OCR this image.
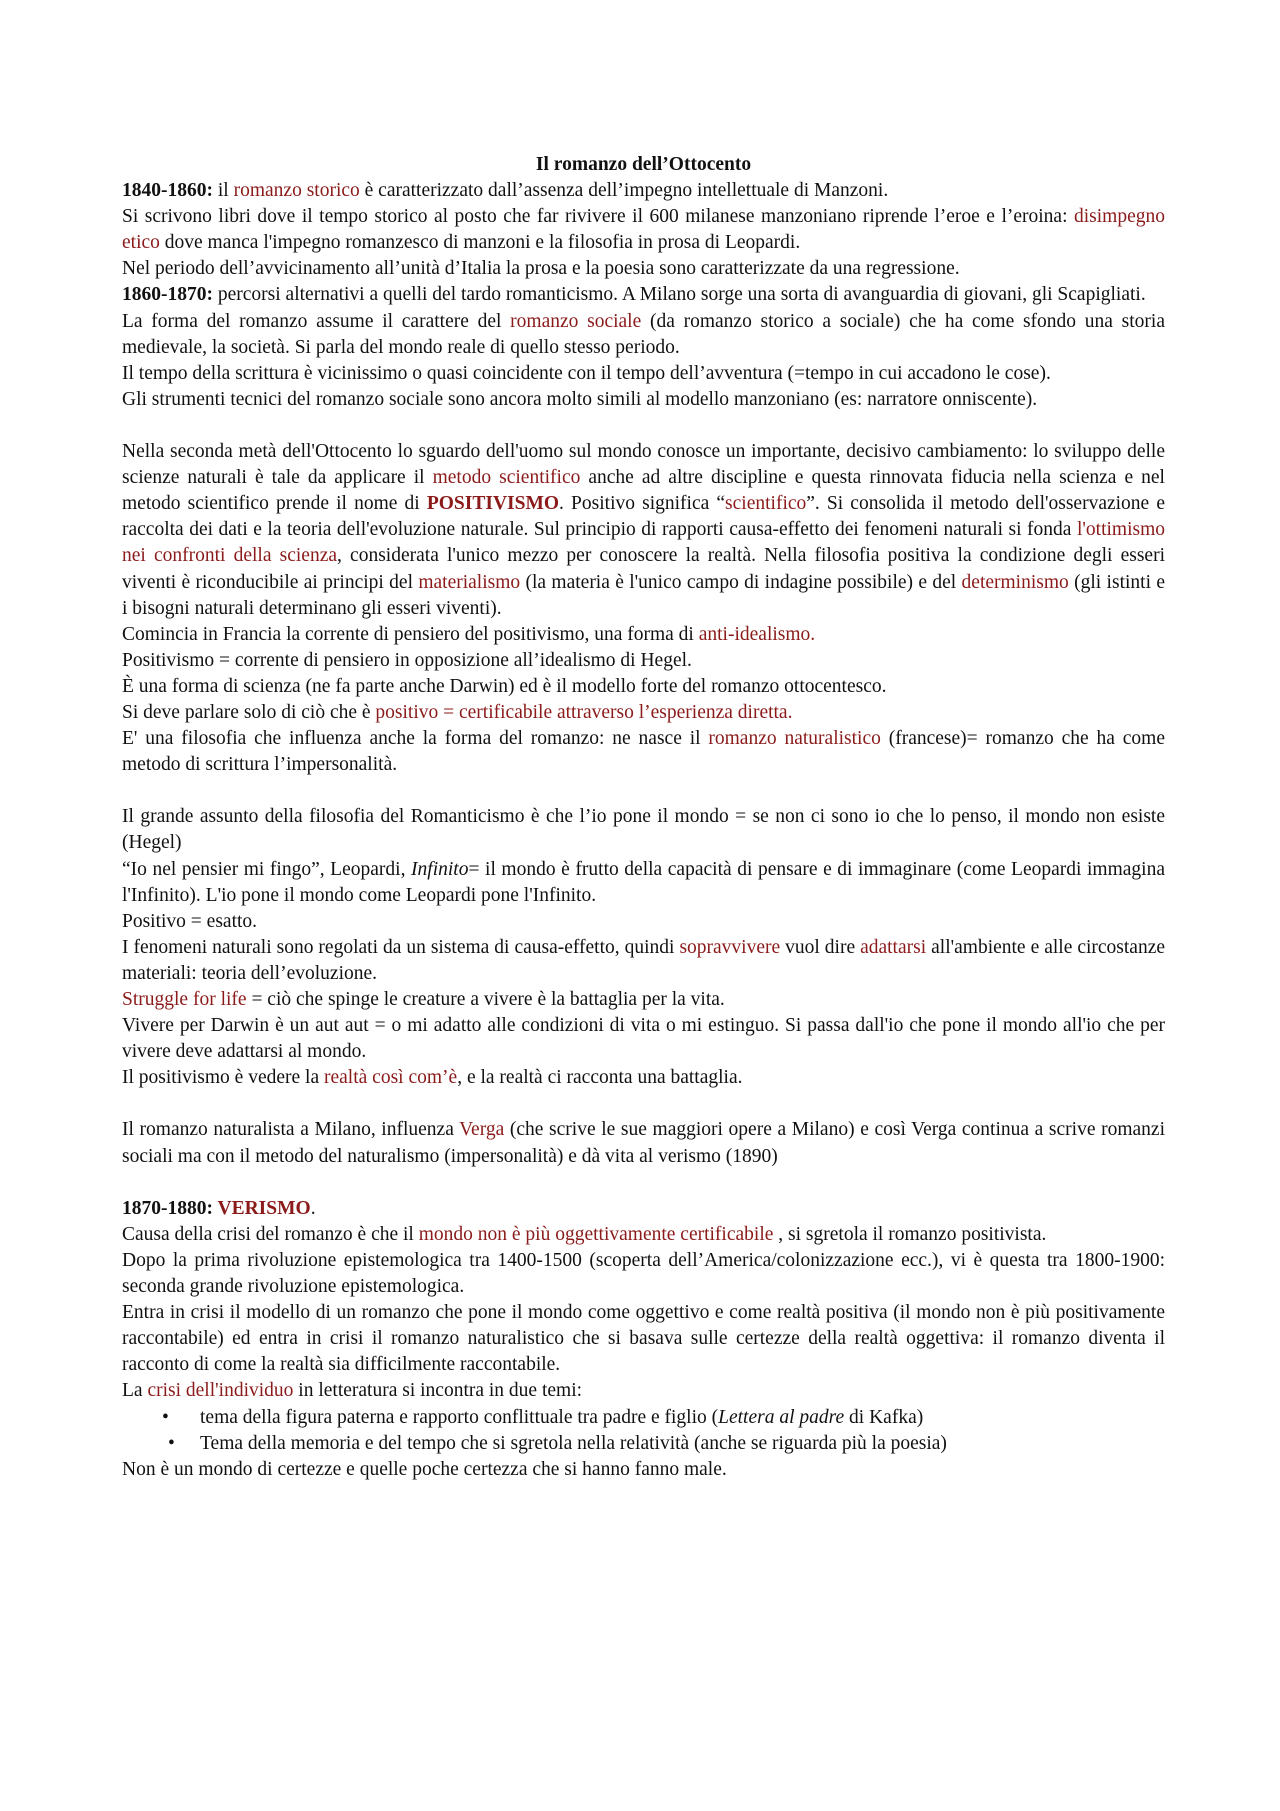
Il romanzo dell’Ottocento

1840-1860: il romanzo storico è caratterizzato dall’assenza dell’impegno intellettuale di Manzoni.

Si scrivono libri dove il tempo storico al posto che far rivivere il 600 milanese manzoniano riprende l’eroe e l’eroina: disimpegno etico dove manca l'impegno romanzesco di manzoni e la filosofia in prosa di Leopardi.

Nel periodo dell’avvicinamento all’unità d’Italia la prosa e la poesia sono caratterizzate da una regressione.

1860-1870: percorsi alternativi a quelli del tardo romanticismo. A Milano sorge una sorta di avanguardia di giovani, gli Scapigliati.

La forma del romanzo assume il carattere del romanzo sociale (da romanzo storico a sociale) che ha come sfondo una storia medievale, la società. Si parla del mondo reale di quello stesso periodo.

Il tempo della scrittura è vicinissimo o quasi coincidente con il tempo dell’avventura (=tempo in cui accadono le cose).

Gli strumenti tecnici del romanzo sociale sono ancora molto simili al modello manzoniano (es: narratore onniscente).

Nella seconda metà dell'Ottocento lo sguardo dell'uomo sul mondo conosce un importante, decisivo cambiamento: lo sviluppo delle scienze naturali è tale da applicare il metodo scientifico anche ad altre discipline e questa rinnovata fiducia nella scienza e nel metodo scientifico prende il nome di POSITIVISMO. Positivo significa “scientifico”. Si consolida il metodo dell'osservazione e raccolta dei dati e la teoria dell'evoluzione naturale. Sul principio di rapporti causa-effetto dei fenomeni naturali si fonda l'ottimismo nei confronti della scienza, considerata l'unico mezzo per conoscere la realtà. Nella filosofia positiva la condizione degli esseri viventi è riconducibile ai principi del materialismo (la materia è l'unico campo di indagine possibile) e del determinismo (gli istinti e i bisogni naturali determinano gli esseri viventi).

Comincia in Francia la corrente di pensiero del positivismo, una forma di anti-idealismo.

Positivismo = corrente di pensiero in opposizione all’idealismo di Hegel.

È una forma di scienza (ne fa parte anche Darwin) ed è il modello forte del romanzo ottocentesco.

Si deve parlare solo di ciò che è positivo = certificabile attraverso l’esperienza diretta.

E' una filosofia che influenza anche la forma del romanzo: ne nasce il romanzo naturalistico (francese)= romanzo che ha come metodo di scrittura l’impersonalità.

Il grande assunto della filosofia del Romanticismo è che l’io pone il mondo = se non ci sono io che lo penso, il mondo non esiste (Hegel)

“Io nel pensier mi fingo”, Leopardi, Infinito= il mondo è frutto della capacità di pensare e di immaginare (come Leopardi immagina l'Infinito). L'io pone il mondo come Leopardi pone l'Infinito.

Positivo = esatto.

I fenomeni naturali sono regolati da un sistema di causa-effetto, quindi sopravvivere vuol dire adattarsi all'ambiente e alle circostanze materiali: teoria dell’evoluzione.

Struggle for life = ciò che spinge le creature a vivere è la battaglia per la vita.

Vivere per Darwin è un aut aut = o mi adatto alle condizioni di vita o mi estinguo. Si passa dall'io che pone il mondo all'io che per vivere deve adattarsi al mondo.

Il positivismo è vedere la realtà così com’è, e la realtà ci racconta una battaglia.

Il romanzo naturalista a Milano, influenza Verga (che scrive le sue maggiori opere a Milano) e così Verga continua a scrive romanzi sociali ma con il metodo del naturalismo (impersonalità) e dà vita al verismo (1890)

1870-1880: VERISMO.

Causa della crisi del romanzo è che il mondo non è più oggettivamente certificabile , si sgretola il romanzo positivista.

Dopo la prima rivoluzione epistemologica tra 1400-1500 (scoperta dell’America/colonizzazione ecc.), vi è questa tra 1800-1900: seconda grande rivoluzione epistemologica.

Entra in crisi il modello di un romanzo che pone il mondo come oggettivo e come realtà positiva (il mondo non è più positivamente raccontabile) ed entra in crisi il romanzo naturalistico che si basava sulle certezze della realtà oggettiva: il romanzo diventa il racconto di come la realtà sia difficilmente raccontabile.

La crisi dell'individuo in letteratura si incontra in due temi:

• tema della figura paterna e rapporto conflittuale tra padre e figlio (Lettera al padre di Kafka)
• Tema della memoria e del tempo che si sgretola nella relatività (anche se riguarda più la poesia)

Non è un mondo di certezze e quelle poche certezza che si hanno fanno male.
